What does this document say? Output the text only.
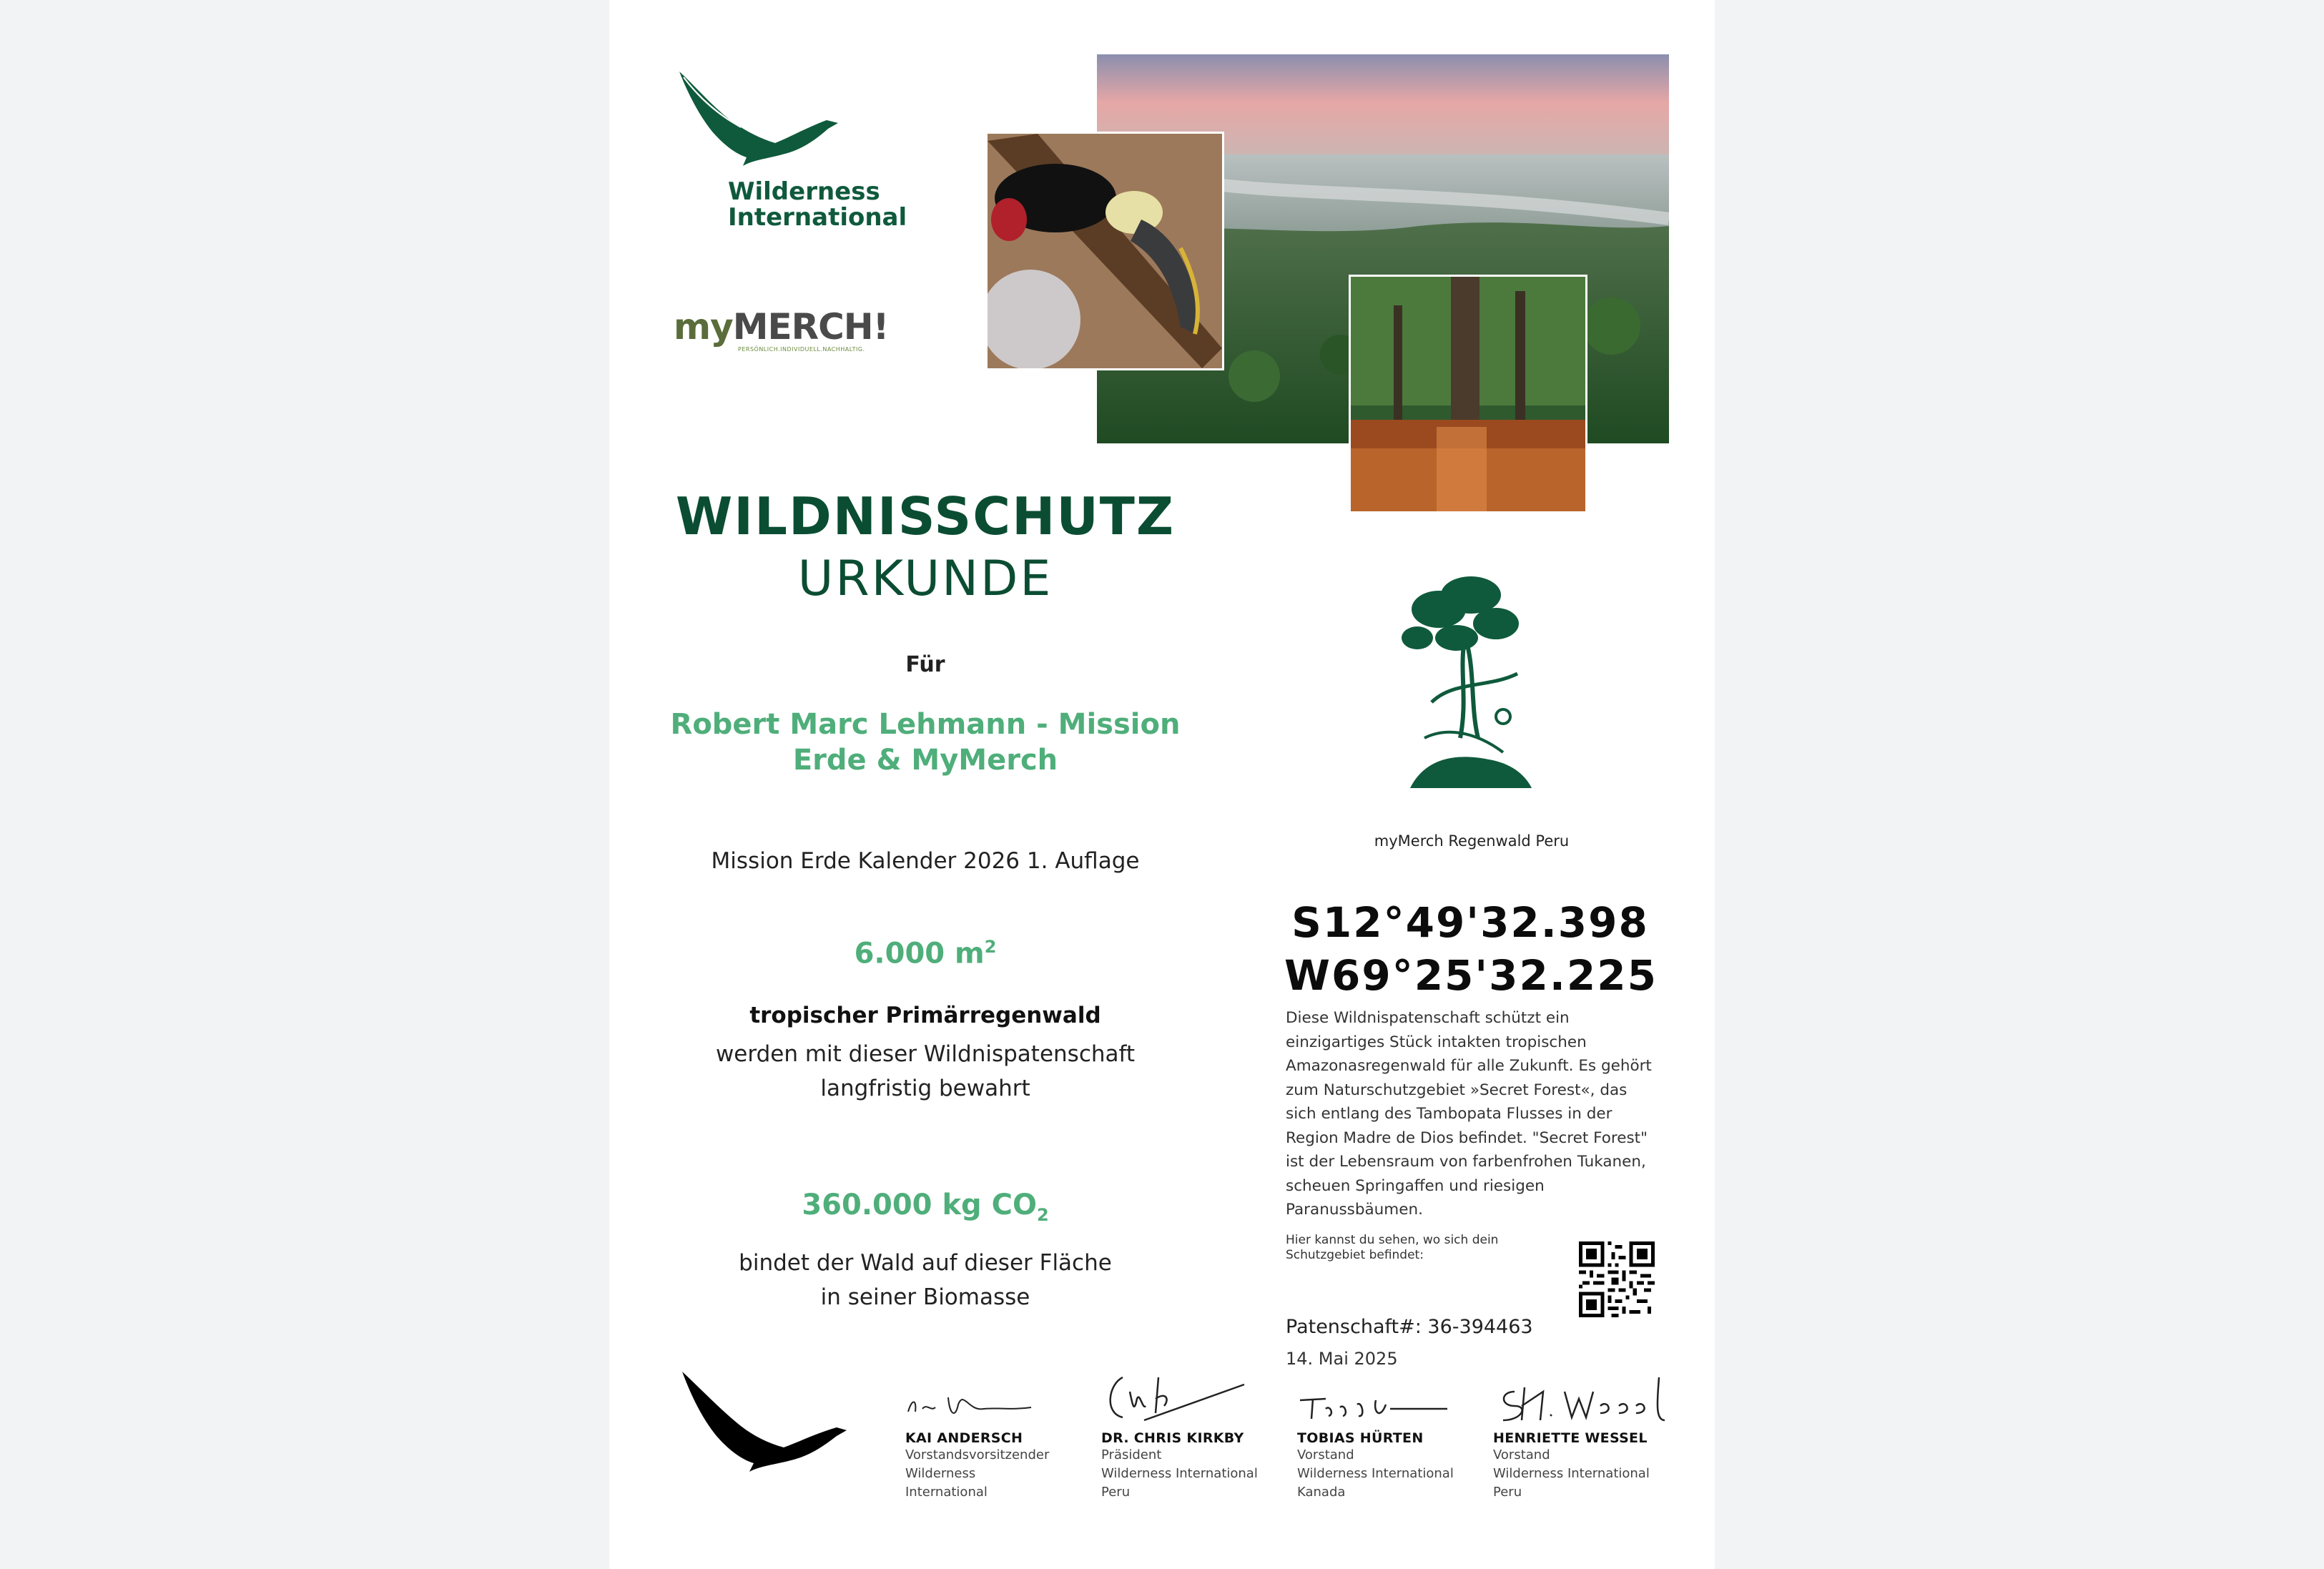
Wilderness
International
myMERCH!
PERSÖNLICH.INDIVIDUELL.NACHHALTIG.
WILDNISSCHUTZ
URKUNDE
Für
Robert Marc Lehmann - Mission
Erde & MyMerch
Mission Erde Kalender 2026 1. Auflage
6.000 $m^2$
tropischer Primärregenwald
werden mit dieser Wildnispatenschaft
langfristig bewahrt
360.000 kg $CO_2$
bindet der Wald auf dieser Fläche
in seiner Biomasse
myMerch Regenwald Peru
S12°49'32.398
W69°25'32.225
Diese Wildnispatenschaft schützt ein
einzigartiges Stück intakten tropischen
Amazonasregenwald für alle Zukunft. Es gehört
zum Naturschutzgebiet »Secret Forest«, das
sich entlang des Tambopata Flusses in der
Region Madre de Dios befindet. "Secret Forest"
ist der Lebensraum von farbenfrohen Tukanen,
scheuen Springaffen und riesigen
Paranussbäumen.
Hier kannst du sehen, wo sich dein
Schutzgebiet befindet:
Patenschaft#: 36-394463
14. Mai 2025
KAI ANDERSCH
Vorstandsvorsitzender
Wilderness International
DR. CHRIS KIRKBY
Präsident
Wilderness International
Peru
TOBIAS HÜRTEN
Vorstand
Wilderness International
Kanada
HENRIETTE WESSEL
Vorstand
Wilderness International
Peru
